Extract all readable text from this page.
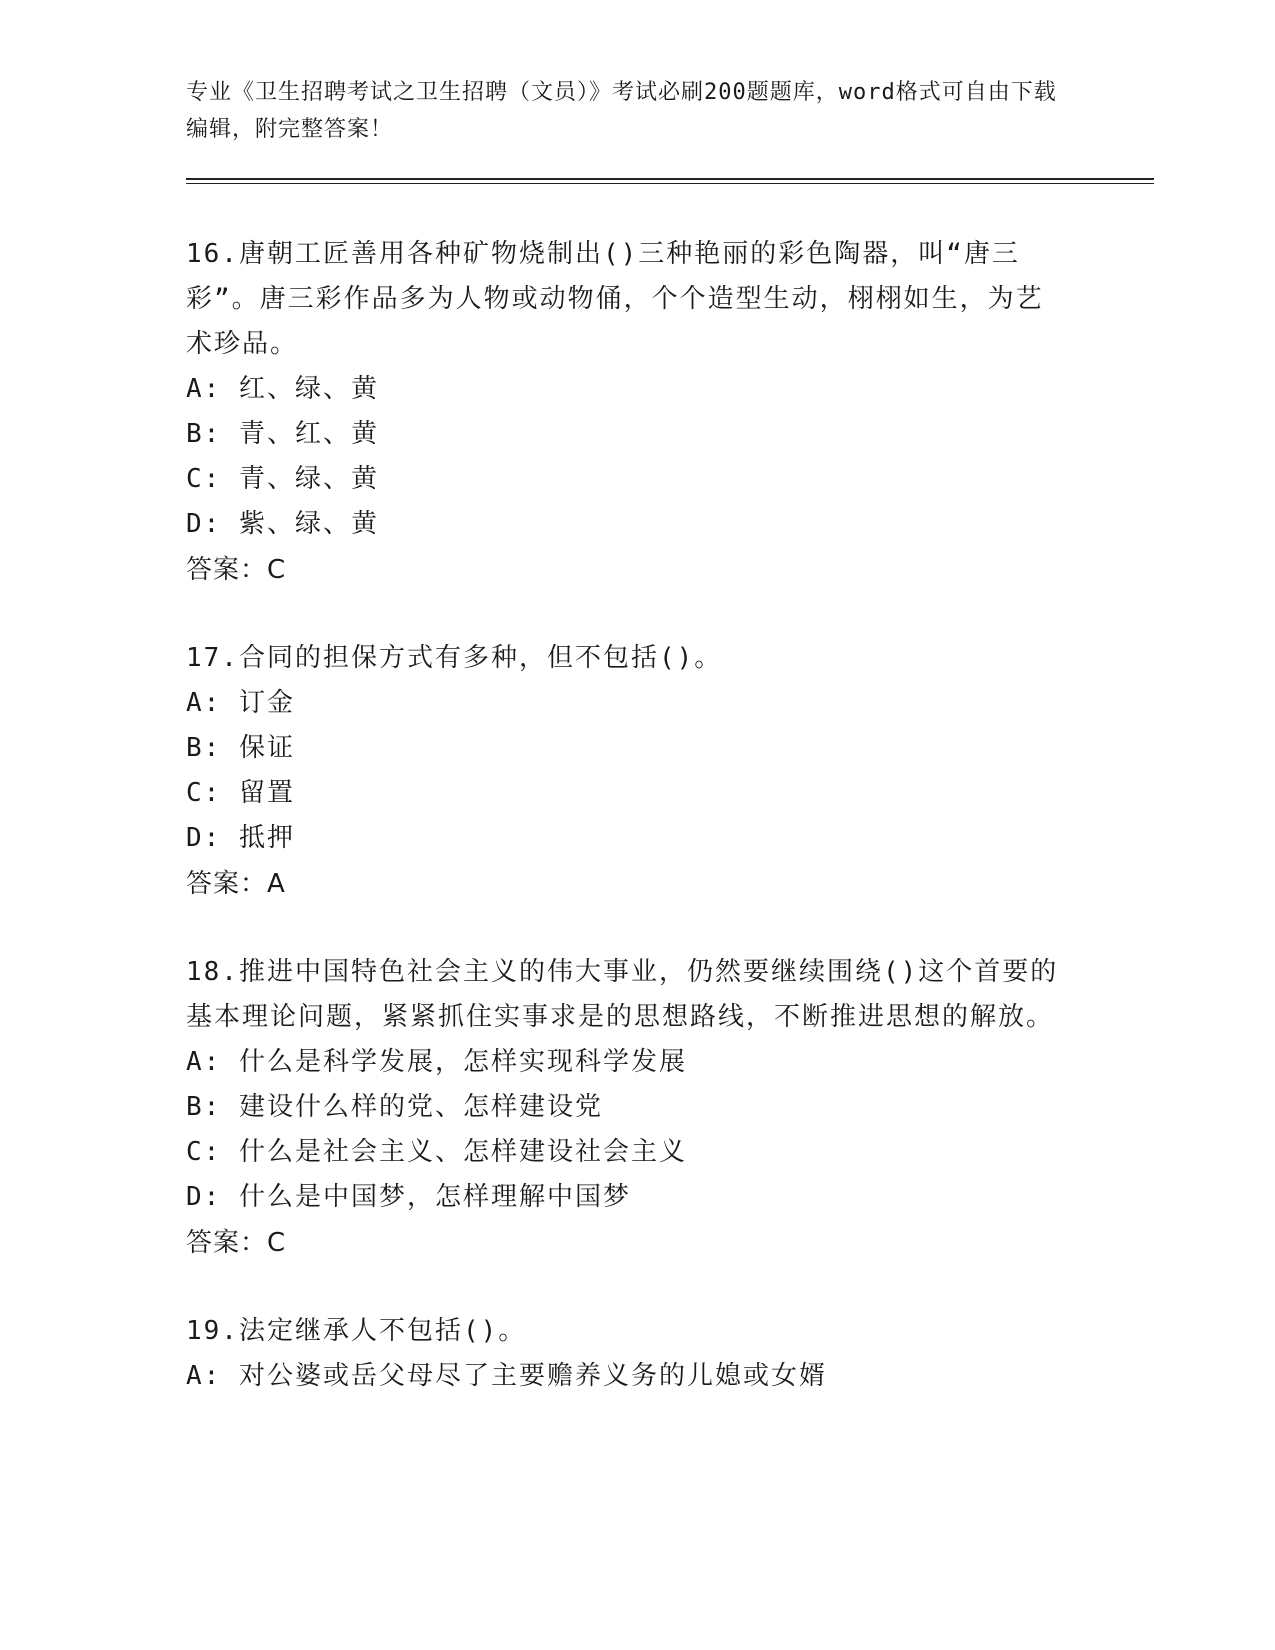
专业《卫生招聘考试之卫生招聘（文员）》考试必刷200题题库，word格式可自由下载编辑，附完整答案！
16.唐朝工匠善用各种矿物烧制出()三种艳丽的彩色陶器，叫“唐三彩”。唐三彩作品多为人物或动物俑，个个造型生动，栩栩如生，为艺术珍品。
A: 红、绿、黄
B: 青、红、黄
C: 青、绿、黄
D: 紫、绿、黄
答案：C
17.合同的担保方式有多种，但不包括()。
A: 订金
B: 保证
C: 留置
D: 抵押
答案：A
18.推进中国特色社会主义的伟大事业，仍然要继续围绕()这个首要的基本理论问题，紧紧抓住实事求是的思想路线，不断推进思想的解放。
A: 什么是科学发展，怎样实现科学发展
B: 建设什么样的党、怎样建设党
C: 什么是社会主义、怎样建设社会主义
D: 什么是中国梦，怎样理解中国梦
答案：C
19.法定继承人不包括()。
A: 对公婆或岳父母尽了主要赡养义务的儿媳或女婿
